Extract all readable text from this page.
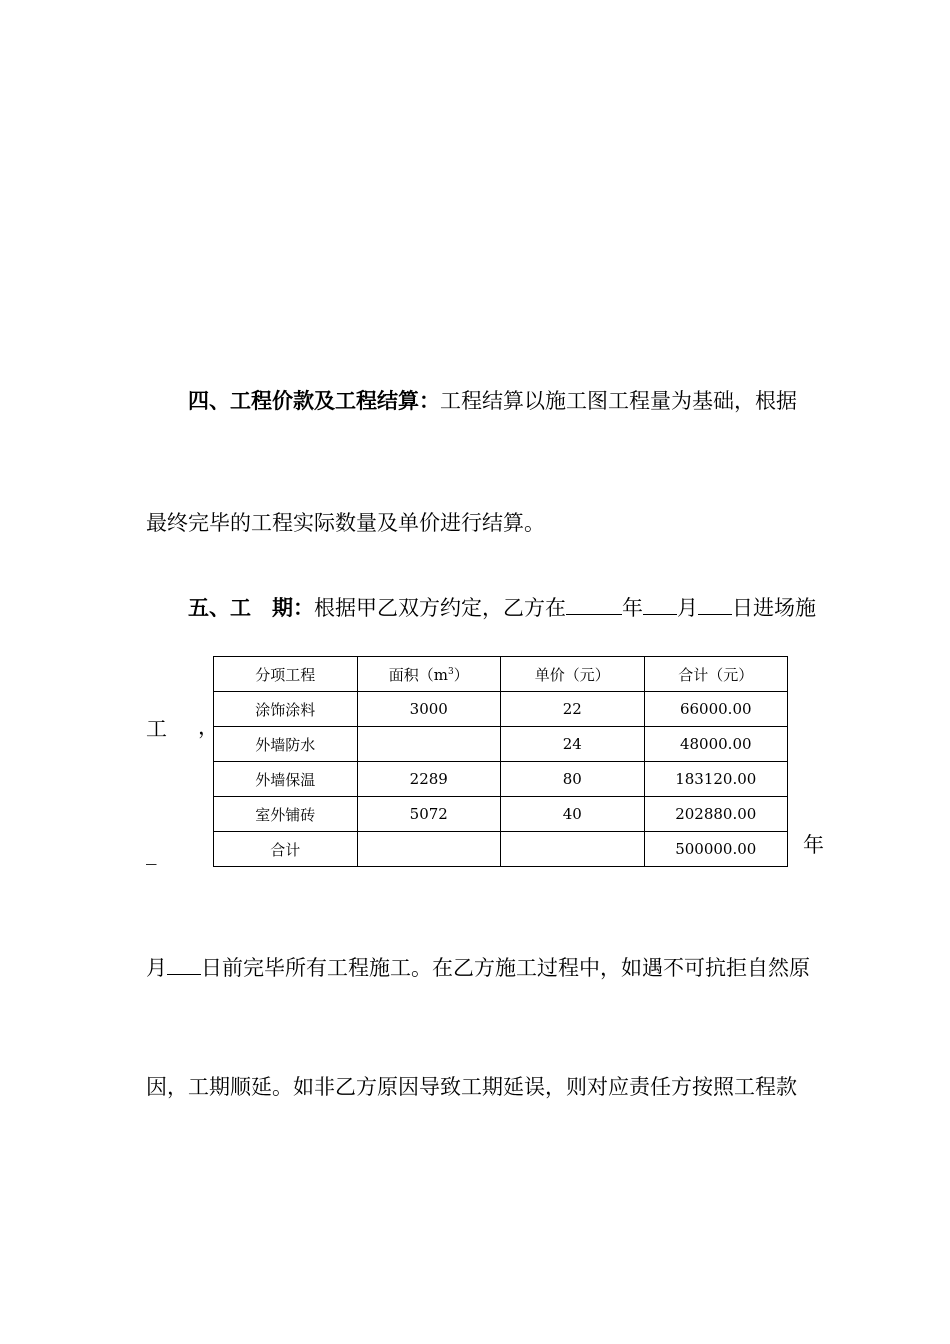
四、工程价款及工程结算：工程结算以施工图工程量为基础，根据
最终完毕的工程实际数量及单价进行结算。
五、工　期：根据甲乙双方约定，乙方在	年 月 日进场施
工 ，
_	年
分项工程	面积$(m^3)$	单价（元）	合计（元）
涂饰涂料	3000	22	66000.00
外墙防水		24	48000.00
外墙保温	2289	80	183120.00
室外铺砖	5072	40	202880.00
合计			500000.00
月 日前完毕所有工程施工。在乙方施工过程中，如遇不可抗拒自然原
因，工期顺延。如非乙方原因导致工期延误，则对应责任方按照工程款
